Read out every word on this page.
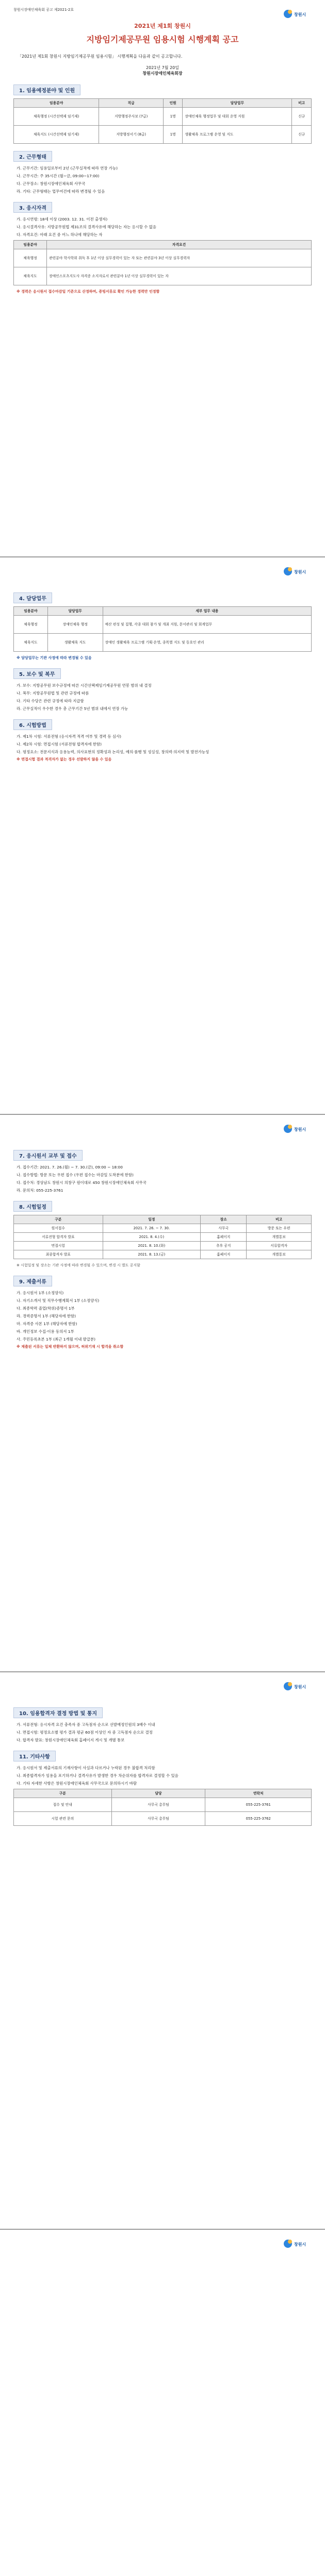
창원시
창원시장애인체육회 공고 제2021-2호
2021년 제1회 창원시
지방임기제공무원 임용시험 시행계획 공고
「2021년 제1회 창원시 지방임기제공무원 임용시험」 시행계획을 다음과 같이 공고합니다.
2021년 7월 20일
창원시장애인체육회장
1. 임용예정분야 및 인원
임용분야	직급	인원	담당업무	비고
체육행정 (시간선택제 임기제)	지방행정주사보 (7급)	1명	장애인체육 행정업무 및 대회 운영 지원	신규
체육지도 (시간선택제 임기제)	지방행정서기 (8급)	1명	생활체육 프로그램 운영 및 지도	신규
2. 근무형태
가. 근무기간: 임용일로부터 2년 (근무실적에 따라 연장 가능)
나. 근무시간: 주 35시간 (월~금, 09:00~17:00)
다. 근무장소: 창원시장애인체육회 사무국
라. 기타: 근무형태는 업무여건에 따라 변경될 수 있음
3. 응시자격
가. 응시연령: 18세 이상 (2003. 12. 31. 이전 출생자)
나. 응시결격사유: 지방공무원법 제31조의 결격사유에 해당하는 자는 응시할 수 없음
다. 자격요건: 아래 요건 중 어느 하나에 해당하는 자
임용분야	자격요건
체육행정	관련분야 학사학위 취득 후 1년 이상 실무경력이 있는 자 또는 관련분야 3년 이상 실무경력자
체육지도	장애인스포츠지도사 자격증 소지자로서 관련분야 1년 이상 실무경력이 있는 자
※ 경력은 응시원서 접수마감일 기준으로 산정하며, 증빙서류로 확인 가능한 경력만 인정함
창원시
4. 담당업무
임용분야	담당업무	세부 업무 내용
체육행정	장애인체육 행정	예산 편성 및 집행, 각종 대회 참가 및 개최 지원, 문서관리 및 회계업무
체육지도	생활체육 지도	장애인 생활체육 프로그램 기획·운영, 종목별 지도 및 동호인 관리
※ 담당업무는 기관 사정에 따라 변경될 수 있음
5. 보수 및 복무
가. 보수: 지방공무원 보수규정에 따른 시간선택제임기제공무원 연봉 범위 내 결정
나. 복무: 지방공무원법 및 관련 규정에 따름
다. 기타 수당은 관련 규정에 따라 지급함
라. 근무실적이 우수한 경우 총 근무기간 5년 범위 내에서 연장 가능
6. 시험방법
가. 제1차 시험: 서류전형 (응시자격 적격 여부 및 경력 등 심사)
나. 제2차 시험: 면접시험 (서류전형 합격자에 한함)
다. 평정요소: 전문지식과 응용능력, 의사표현의 정확성과 논리성, 예의·품행 및 성실성, 창의력·의지력 및 발전가능성
※ 면접시험 결과 적격자가 없는 경우 선발하지 않을 수 있음
창원시
7. 응시원서 교부 및 접수
가. 접수기간: 2021. 7. 26.(월) ~ 7. 30.(금), 09:00 ~ 18:00
나. 접수방법: 방문 또는 우편 접수 (우편 접수는 마감일 도착분에 한함)
다. 접수처: 경상남도 창원시 의창구 원이대로 450 창원시장애인체육회 사무국
라. 문의처: 055-225-3761
8. 시험일정
구분	일정	장소	비고
원서접수	2021. 7. 26. ~ 7. 30.	사무국	방문 또는 우편
서류전형 합격자 발표	2021. 8. 4.(수)	홈페이지	개별통보
면접시험	2021. 8. 10.(화)	추후 공지	서류합격자
최종합격자 발표	2021. 8. 13.(금)	홈페이지	개별통보
※ 시험일정 및 장소는 기관 사정에 따라 변경될 수 있으며, 변경 시 별도 공지함
9. 제출서류
가. 응시원서 1부 (소정양식)
나. 자기소개서 및 직무수행계획서 1부 (소정양식)
다. 최종학력 졸업(학위)증명서 1부
라. 경력증명서 1부 (해당자에 한함)
마. 자격증 사본 1부 (해당자에 한함)
바. 개인정보 수집·이용 동의서 1부
사. 주민등록초본 1부 (최근 1개월 이내 발급분)
※ 제출된 서류는 일체 반환하지 않으며, 허위기재 시 합격을 취소함
창원시
10. 임용합격자 결정 방법 및 통지
가. 서류전형: 응시자격 요건 충족자 중 고득점자 순으로 선발예정인원의 3배수 이내
나. 면접시험: 평정요소별 평가 결과 평균 60점 이상인 자 중 고득점자 순으로 결정
다. 합격자 발표: 창원시장애인체육회 홈페이지 게시 및 개별 통보
11. 기타사항
가. 응시원서 및 제출서류의 기재사항이 사실과 다르거나 누락된 경우 불합격 처리함
나. 최종합격자가 임용을 포기하거나 결격사유가 발생한 경우 차순위자를 합격자로 결정할 수 있음
다. 기타 자세한 사항은 창원시장애인체육회 사무국으로 문의하시기 바람
구분	담당	연락처
접수 및 안내	사무국 총무팀	055-225-3761
시험 관련 문의	사무국 총무팀	055-225-3762
창원시
